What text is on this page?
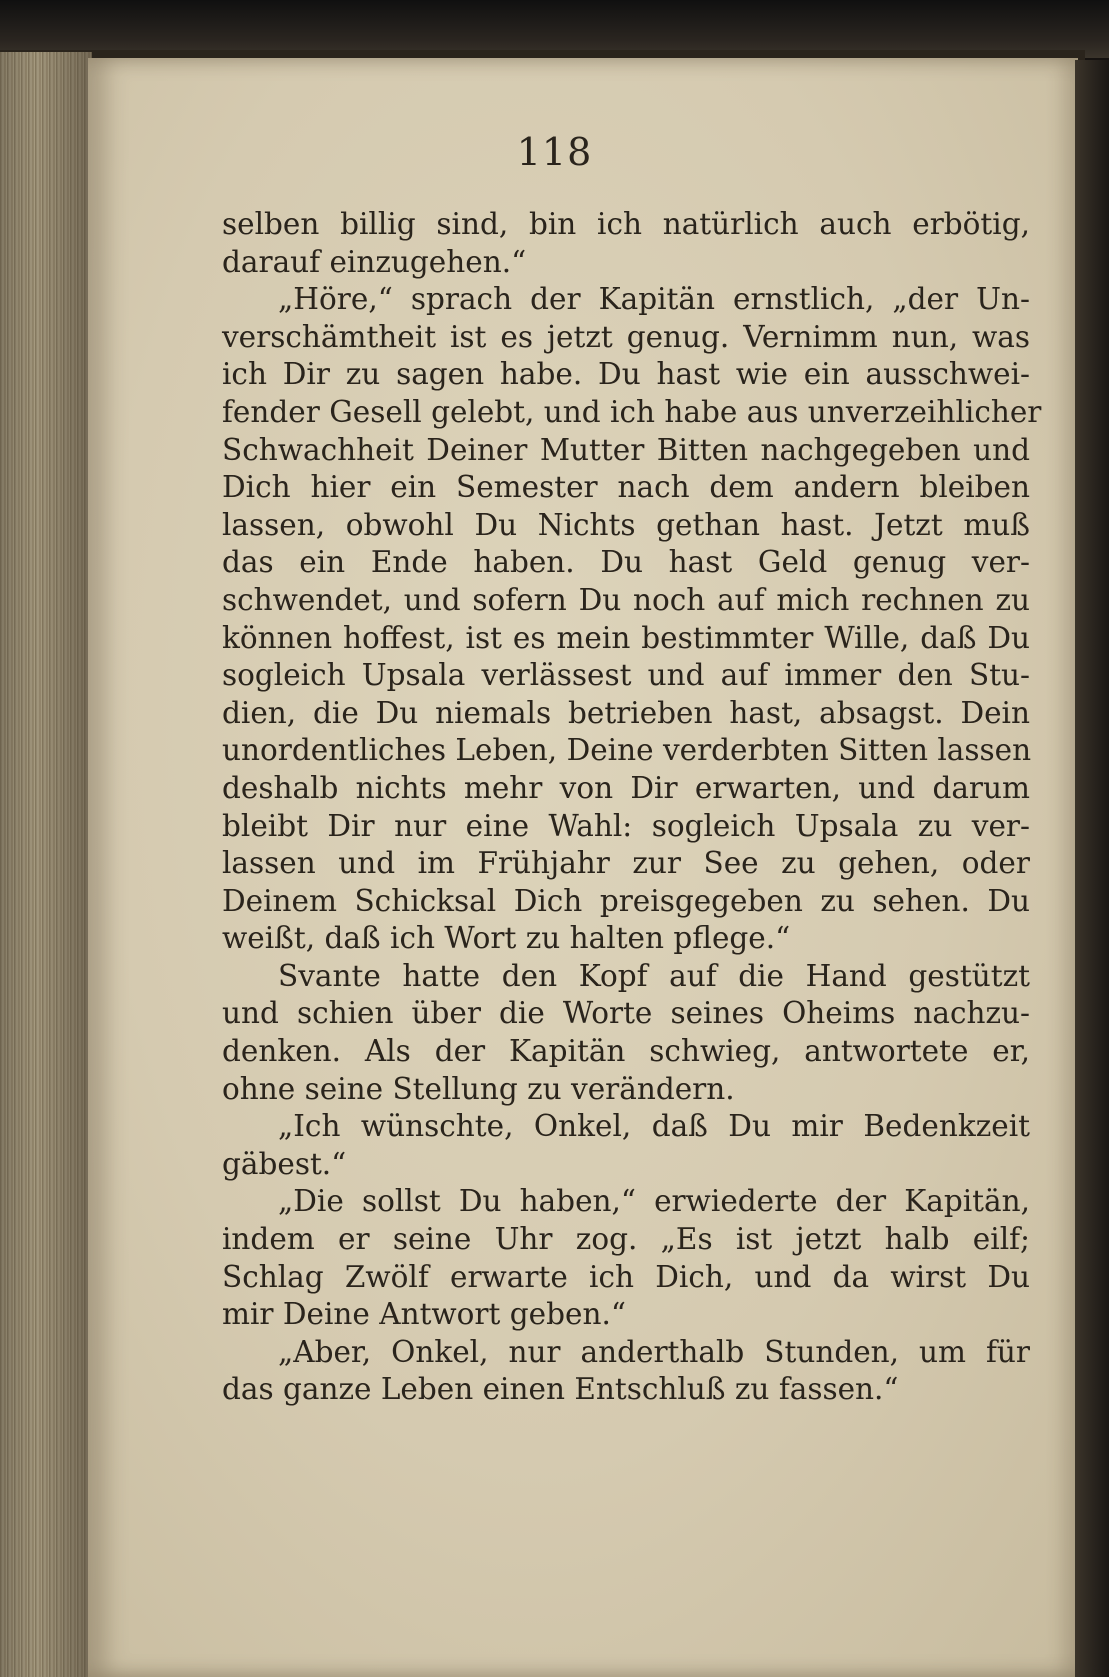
118

selben billig sind, bin ich natürlich auch erbötig,
darauf einzugehen.“
„Höre,“ sprach der Kapitän ernstlich, „der Un-
verschämtheit ist es jetzt genug. Vernimm nun, was
ich Dir zu sagen habe. Du hast wie ein ausschwei-
fender Gesell gelebt, und ich habe aus unverzeihlicher
Schwachheit Deiner Mutter Bitten nachgegeben und
Dich hier ein Semester nach dem andern bleiben
lassen, obwohl Du Nichts gethan hast. Jetzt muß
das ein Ende haben. Du hast Geld genug ver-
schwendet, und sofern Du noch auf mich rechnen zu
können hoffest, ist es mein bestimmter Wille, daß Du
sogleich Upsala verlässest und auf immer den Stu-
dien, die Du niemals betrieben hast, absagst. Dein
unordentliches Leben, Deine verderbten Sitten lassen
deshalb nichts mehr von Dir erwarten, und darum
bleibt Dir nur eine Wahl: sogleich Upsala zu ver-
lassen und im Frühjahr zur See zu gehen, oder
Deinem Schicksal Dich preisgegeben zu sehen. Du
weißt, daß ich Wort zu halten pflege.“
Svante hatte den Kopf auf die Hand gestützt
und schien über die Worte seines Oheims nachzu-
denken. Als der Kapitän schwieg, antwortete er,
ohne seine Stellung zu verändern.
„Ich wünschte, Onkel, daß Du mir Bedenkzeit
gäbest.“
„Die sollst Du haben,“ erwiederte der Kapitän,
indem er seine Uhr zog. „Es ist jetzt halb eilf;
Schlag Zwölf erwarte ich Dich, und da wirst Du
mir Deine Antwort geben.“
„Aber, Onkel, nur anderthalb Stunden, um für
das ganze Leben einen Entschluß zu fassen.“
